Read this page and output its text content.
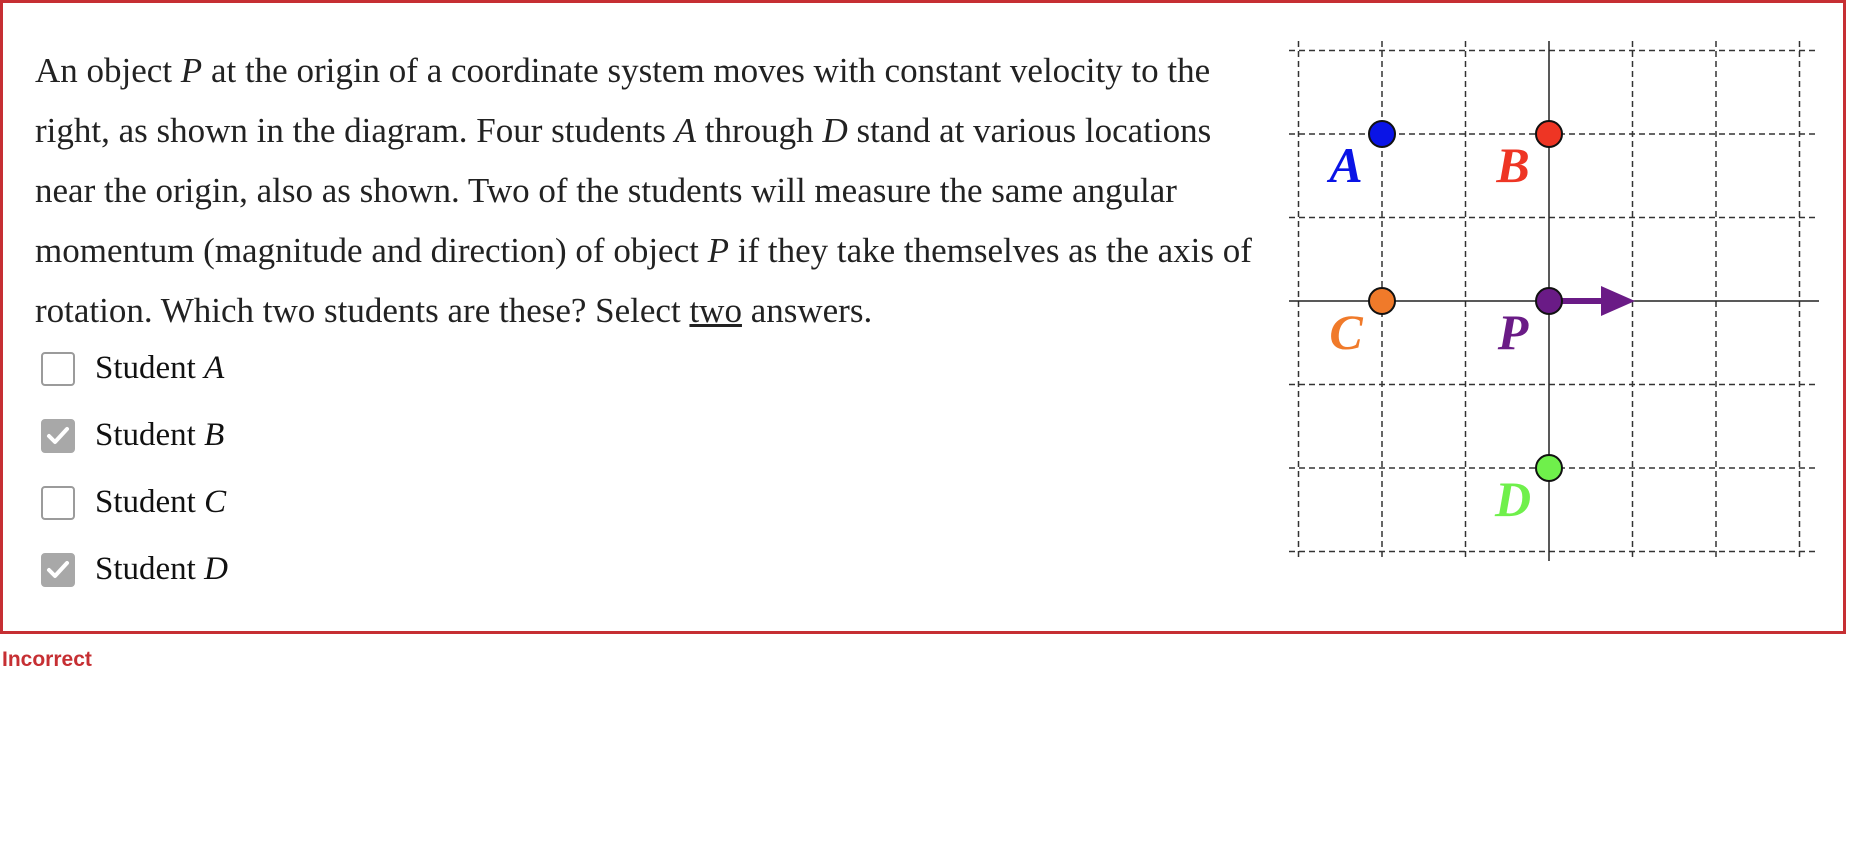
An object P at the origin of a coordinate system moves with constant velocity to the right, as shown in the diagram. Four students A through D stand at various locations near the origin, also as shown. Two of the students will measure the same angular momentum (magnitude and direction) of object P if they take themselves as the axis of rotation. Which two students are these? Select two answers.
Student A
Student B
Student C
Student D
A	B
C	P
D
Incorrect
